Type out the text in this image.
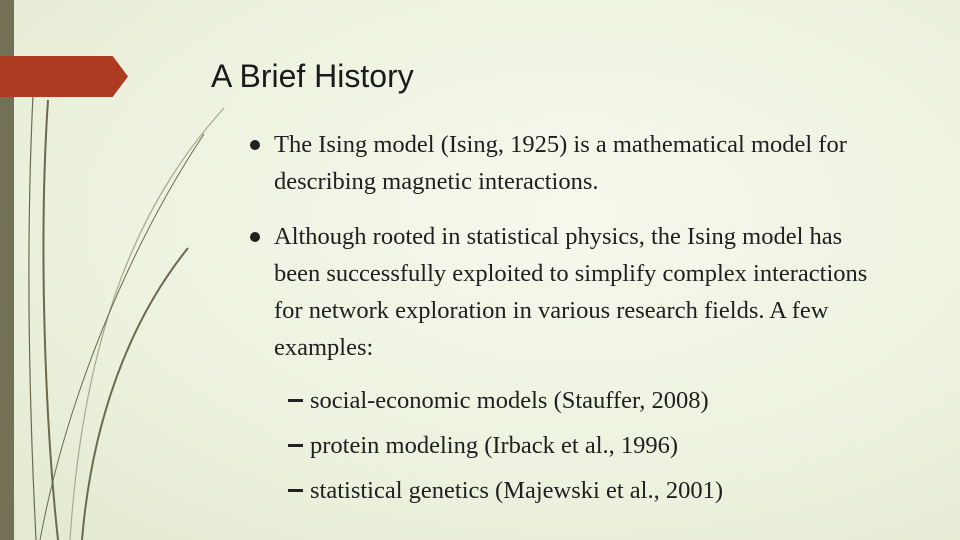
A Brief History
The Ising model (Ising, 1925) is a mathematical model for describing magnetic interactions.
Although rooted in statistical physics, the Ising model has been successfully exploited to simplify complex interactions for network exploration in various research fields. A few examples:
social-economic models (Stauffer, 2008)
protein modeling (Irback et al., 1996)
statistical genetics (Majewski et al., 2001)
